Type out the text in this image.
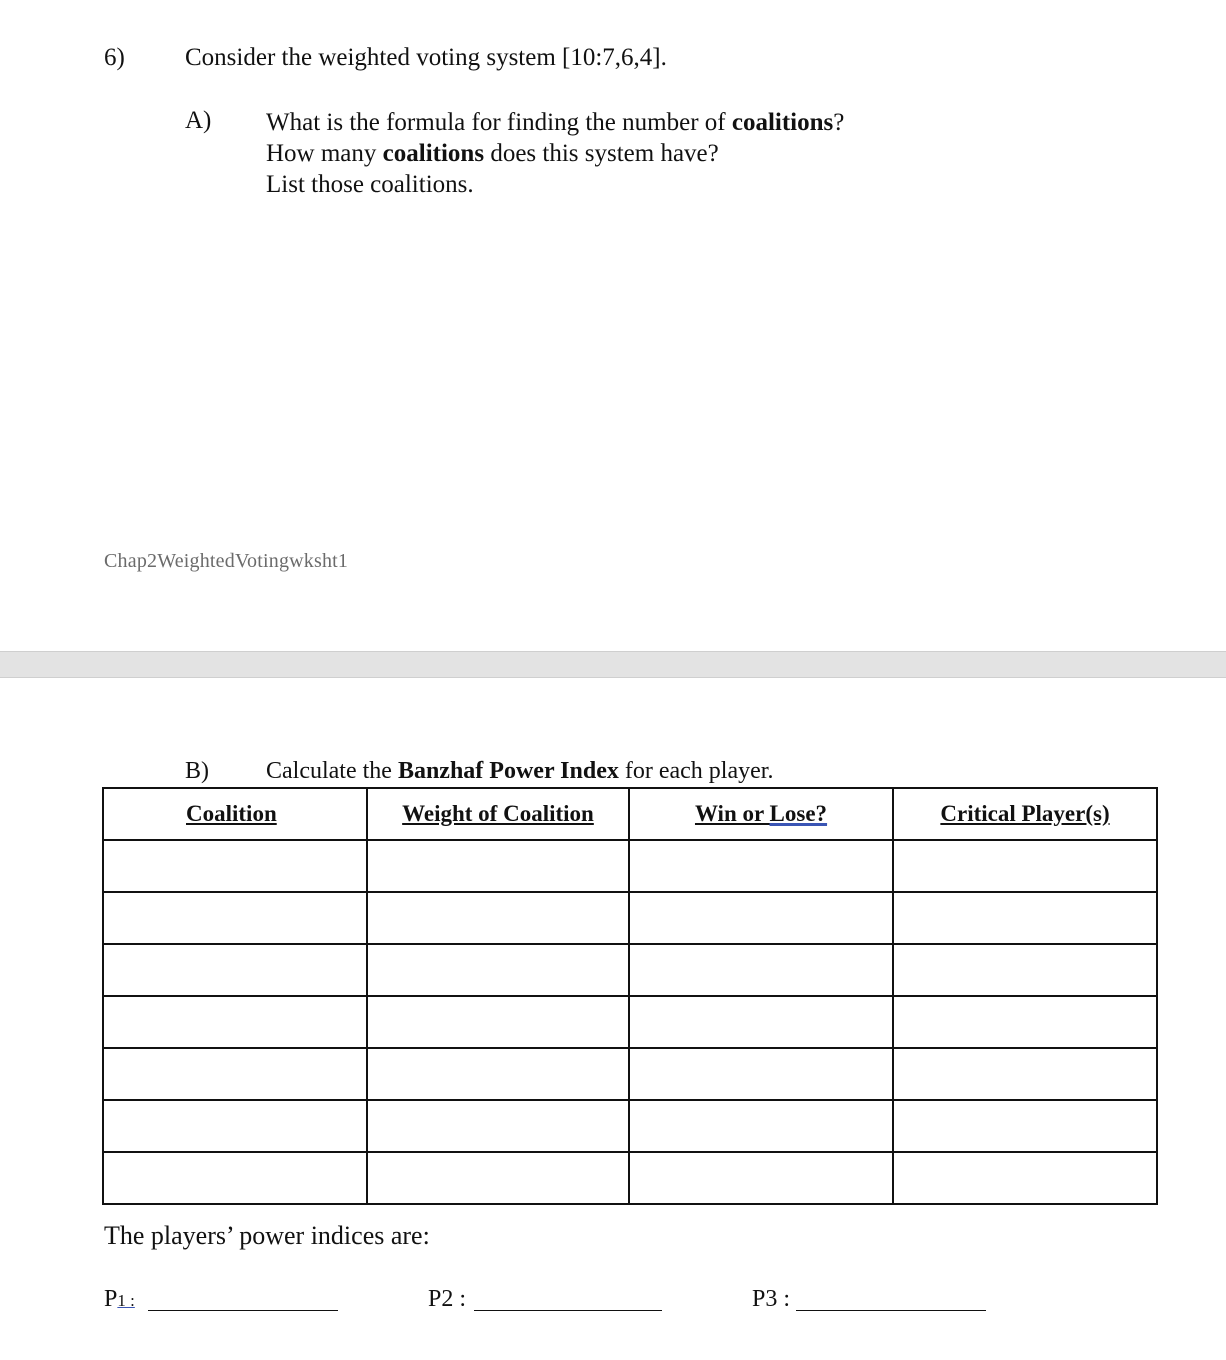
6) Consider the weighted voting system [10:7,6,4].
A) What is the formula for finding the number of coalitions?
How many coalitions does this system have?
List those coalitions.
Chap2WeightedVotingwksht1
B) Calculate the Banzhaf Power Index for each player.
Coalition	Weight of Coalition	Win or Lose?	Critical Player(s)

The players’ power indices are:
P1 :	P2 :	P3 :
